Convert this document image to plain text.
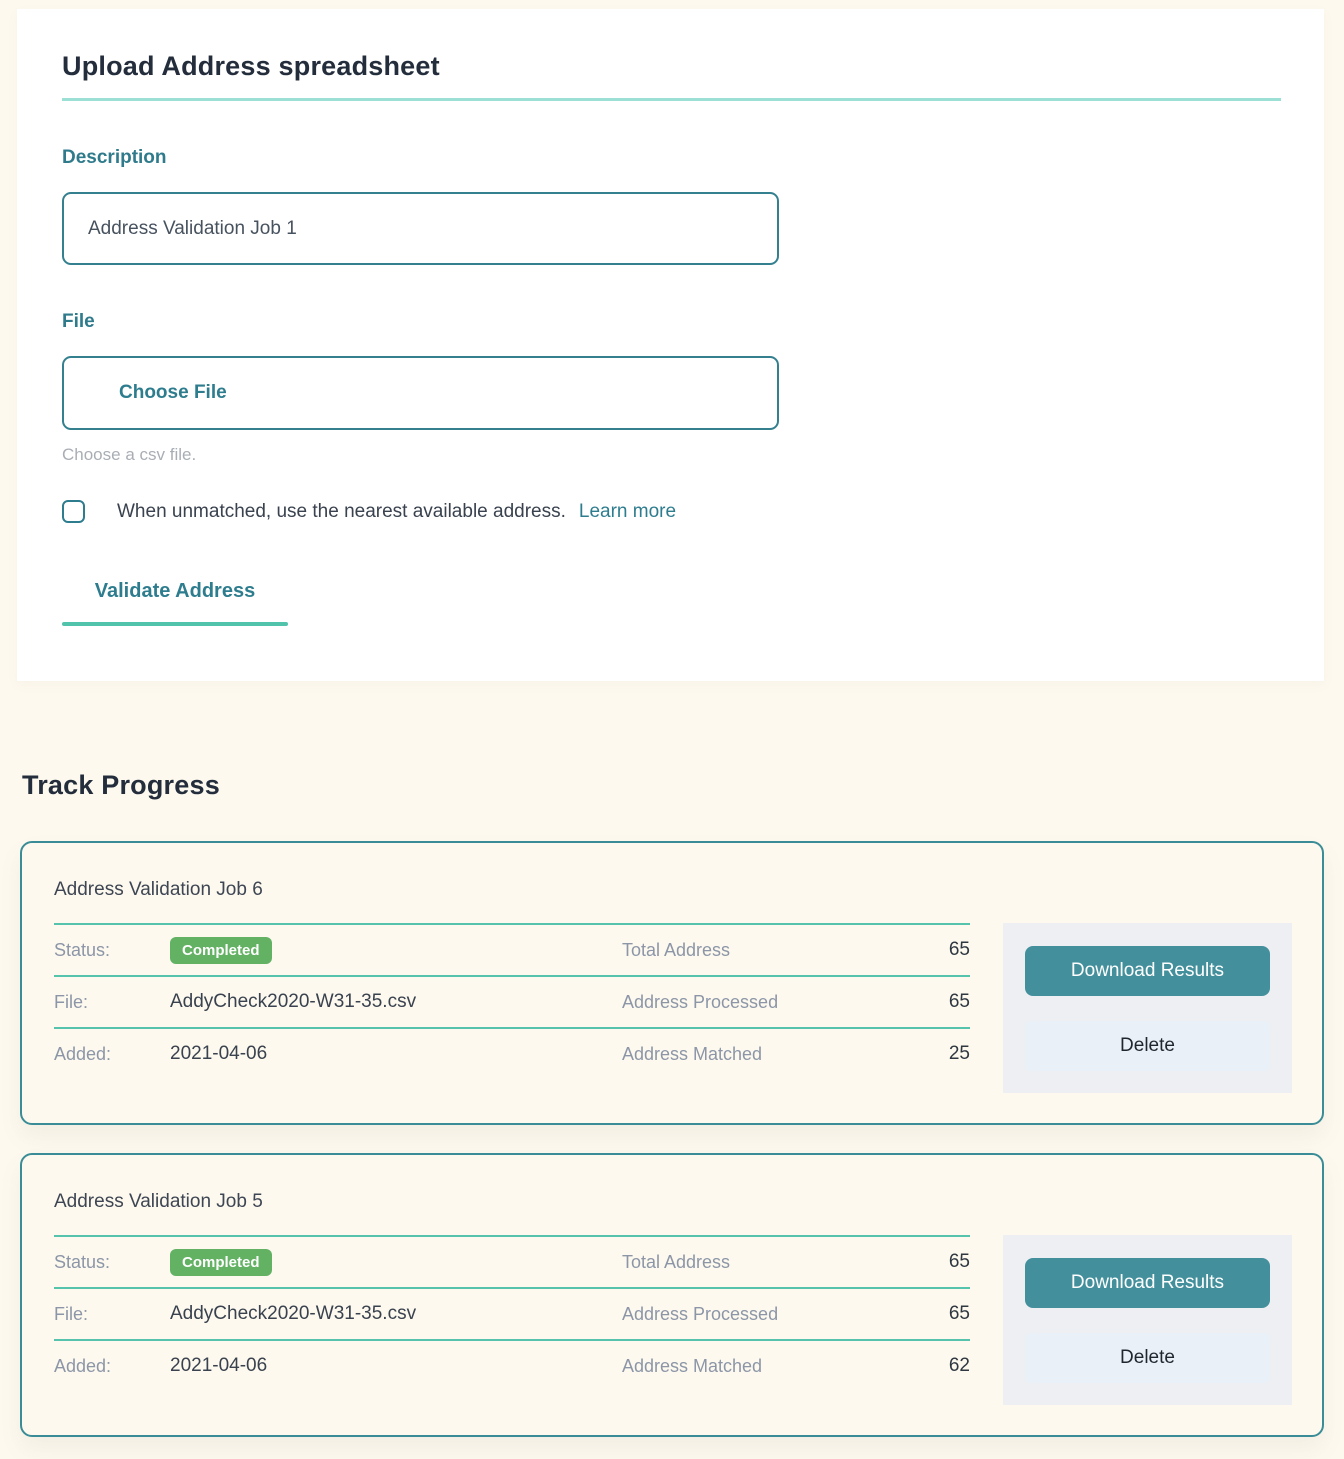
Upload Address spreadsheet
Description
Address Validation Job 1
File
Choose File
Choose a csv file.
When unmatched, use the nearest available address. Learn more
Validate Address
Track Progress
Address Validation Job 6
Status:	Completed	Total Address	65
File:	AddyCheck2020-W31-35.csv	Address Processed	65
Added:	2021-04-06	Address Matched	25
Download Results
Delete
Address Validation Job 5
Status:	Completed	Total Address	65
File:	AddyCheck2020-W31-35.csv	Address Processed	65
Added:	2021-04-06	Address Matched	62
Download Results
Delete
